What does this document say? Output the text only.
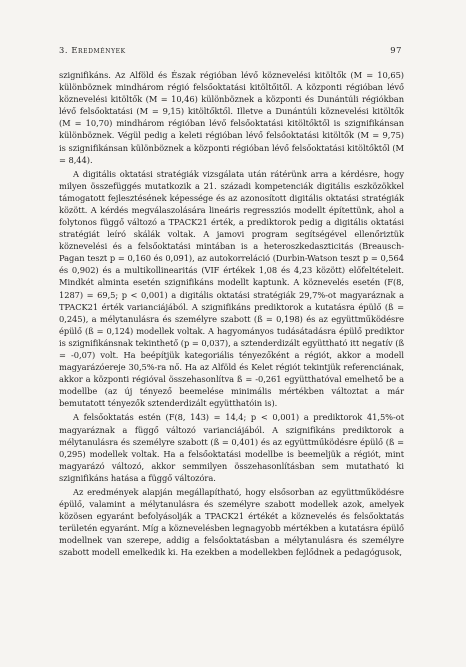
3. Eredmények	97

szignifikáns. Az Alföld és Észak régióban lévő köznevelési kitöltők (M = 10,65) különböznek mindhárom régió felsőoktatási kitöltőitől. A központi régióban lévő köznevelési kitöltők (M = 10,46) különböznek a központi és Dunántúli régiókban lévő felsőoktatási (M = 9,15) kitöltőktől. Illetve a Dunántúli köznevelési kitöltők (M = 10,70) mindhárom régióban lévő felsőoktatási kitöltőktől is szignifikánsan különböznek. Végül pedig a keleti régióban lévő felsőoktatási kitöltők (M = 9,75) is szignifikánsan különböznek a központi régióban lévő felsőoktatási kitöltőktől (M = 8,44).

A digitális oktatási stratégiák vizsgálata után rátérünk arra a kérdésre, hogy milyen összefüggés mutatkozik a 21. századi kompetenciák digitális eszközökkel támogatott fejlesztésének képessége és az azonosított digitális oktatási stratégiák között. A kérdés megválaszolására lineáris regressziós modellt építettünk, ahol a folytonos függő változó a TPACK21 érték, a prediktorok pedig a digitális oktatási stratégiát leíró skálák voltak. A jamovi program segítségével ellenőriztük köznevelési és a felsőoktatási mintában is a heteroszkedaszticitás (Breausch-Pagan teszt p = 0,160 és 0,091), az autokorreláció (Durbin-Watson teszt p = 0,564 és 0,902) és a multikollinearitás (VIF értékek 1,08 és 4,23 között) előfeltételeit. Mindkét alminta esetén szignifikáns modellt kaptunk. A köznevelés esetén (F(8, 1287) = 69,5; p < 0,001) a digitális oktatási stratégiák 29,7%-ot magyaráznak a TPACK21 érték varianciájából. A szignifikáns prediktorok a kutatásra épülő (ß = 0,245), a mélytanulásra és személyre szabott (ß = 0,198) és az együttműködésre épülő (ß = 0,124) modellek voltak. A hagyományos tudásátadásra épülő prediktor is szignifikánsnak tekinthető (p = 0,037), a sztenderdizált együttható itt negatív (ß = -0,07) volt. Ha beépítjük kategoriális tényezőként a régiót, akkor a modell magyarázóereje 30,5%-ra nő. Ha az Alföld és Kelet régiót tekintjük referenciának, akkor a központi régióval összehasonlítva ß = -0,261 együtthatóval emelhető be a modellbe (az új tényező beemelése minimális mértékben változtat a már bemutatott tényezők sztenderdizált együtthatóin is).

A felsőoktatás estén (F(8, 143) = 14,4; p < 0,001) a prediktorok 41,5%-ot magyaráznak a függő változó varianciájából. A szignifikáns prediktorok a mélytanulásra és személyre szabott (ß = 0,401) és az együttműködésre épülő (ß = 0,295) modellek voltak. Ha a felsőoktatási modellbe is beemeljük a régiót, mint magyarázó változó, akkor semmilyen összehasonlításban sem mutatható ki szignifikáns hatása a függő változóra.

Az eredmények alapján megállapítható, hogy elsősorban az együttműködésre épülő, valamint a mélytanulásra és személyre szabott modellek azok, amelyek közösen egyaránt befolyásolják a TPACK21 értékét a köznevelés és felsőoktatás területén egyaránt. Míg a köznevelésben legnagyobb mértékben a kutatásra épülő modellnek van szerepe, addig a felsőoktatásban a mélytanulásra és személyre szabott modell emelkedik ki. Ha ezekben a modellekben fejlődnek a pedagógusok,
